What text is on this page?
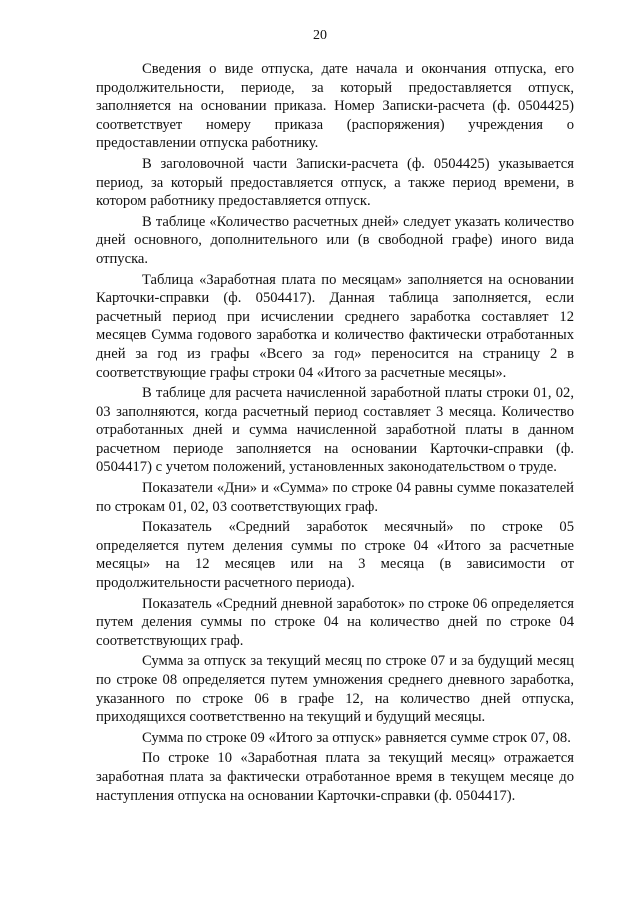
20

Сведения о виде отпуска, дате начала и окончания отпуска, его продолжительности, периоде, за который предоставляется отпуск, заполняется на основании приказа. Номер Записки-расчета (ф. 0504425) соответствует номеру приказа (распоряжения) учреждения о предоставлении отпуска работнику.

В заголовочной части Записки-расчета (ф. 0504425) указывается период, за который предоставляется отпуск, а также период времени, в котором работнику предоставляется отпуск.

В таблице «Количество расчетных дней» следует указать количество дней основного, дополнительного или (в свободной графе) иного вида отпуска.

Таблица «Заработная плата по месяцам» заполняется на основании Карточки-справки (ф. 0504417). Данная таблица заполняется, если расчетный период при исчислении среднего заработка составляет 12 месяцев Сумма годового заработка и количество фактически отработанных дней за год из графы «Всего за год» переносится на страницу 2 в соответствующие графы строки 04 «Итого за расчетные месяцы».

В таблице для расчета начисленной заработной платы строки 01, 02, 03 заполняются, когда расчетный период составляет 3 месяца. Количество отработанных дней и сумма начисленной заработной платы в данном расчетном периоде заполняется на основании Карточки-справки (ф. 0504417) с учетом положений, установленных законодательством о труде.

Показатели «Дни» и «Сумма» по строке 04 равны сумме показателей по строкам 01, 02, 03 соответствующих граф.

Показатель «Средний заработок месячный» по строке 05 определяется путем деления суммы по строке 04 «Итого за расчетные месяцы» на 12 месяцев или на 3 месяца (в зависимости от продолжительности расчетного периода).

Показатель «Средний дневной заработок» по строке 06 определяется путем деления суммы по строке 04 на количество дней по строке 04 соответствующих граф.

Сумма за отпуск за текущий месяц по строке 07 и за будущий месяц по строке 08 определяется путем умножения среднего дневного заработка, указанного по строке 06 в графе 12, на количество дней отпуска, приходящихся соответственно на текущий и будущий месяцы.

Сумма по строке 09 «Итого за отпуск» равняется сумме строк 07, 08.

По строке 10 «Заработная плата за текущий месяц» отражается заработная плата за фактически отработанное время в текущем месяце до наступления отпуска на основании Карточки-справки (ф. 0504417).
